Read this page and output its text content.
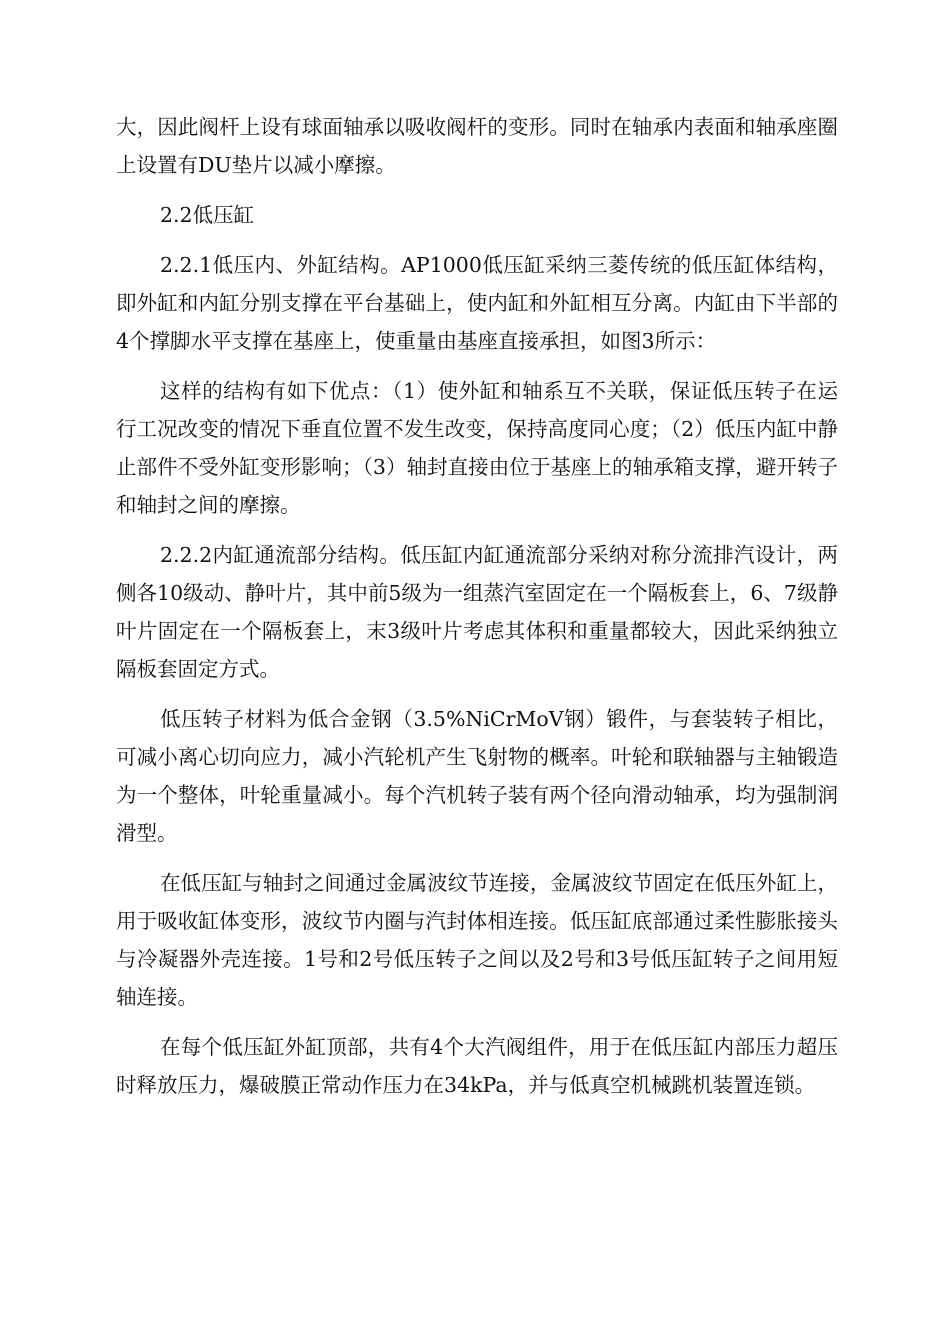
大，因此阀杆上设有球面轴承以吸收阀杆的变形。同时在轴承内表面和轴承座圈上设置有DU垫片以减小摩擦。

2.2低压缸

2.2.1低压内、外缸结构。AP1000低压缸采纳三菱传统的低压缸体结构，即外缸和内缸分别支撑在平台基础上，使内缸和外缸相互分离。内缸由下半部的4个撑脚水平支撑在基座上，使重量由基座直接承担，如图3所示：

这样的结构有如下优点：（1）使外缸和轴系互不关联，保证低压转子在运行工况改变的情况下垂直位置不发生改变，保持高度同心度；（2）低压内缸中静止部件不受外缸变形影响；（3）轴封直接由位于基座上的轴承箱支撑，避开转子和轴封之间的摩擦。

2.2.2内缸通流部分结构。低压缸内缸通流部分采纳对称分流排汽设计，两侧各10级动、静叶片，其中前5级为一组蒸汽室固定在一个隔板套上，6、7级静叶片固定在一个隔板套上，末3级叶片考虑其体积和重量都较大，因此采纳独立隔板套固定方式。

低压转子材料为低合金钢（3.5%NiCrMoV钢）锻件，与套装转子相比，可减小离心切向应力，减小汽轮机产生飞射物的概率。叶轮和联轴器与主轴锻造为一个整体，叶轮重量减小。每个汽机转子装有两个径向滑动轴承，均为强制润滑型。

在低压缸与轴封之间通过金属波纹节连接，金属波纹节固定在低压外缸上，用于吸收缸体变形，波纹节内圈与汽封体相连接。低压缸底部通过柔性膨胀接头与冷凝器外壳连接。1号和2号低压转子之间以及2号和3号低压缸转子之间用短轴连接。

在每个低压缸外缸顶部，共有4个大汽阀组件，用于在低压缸内部压力超压时释放压力，爆破膜正常动作压力在34kPa，并与低真空机械跳机装置连锁。
